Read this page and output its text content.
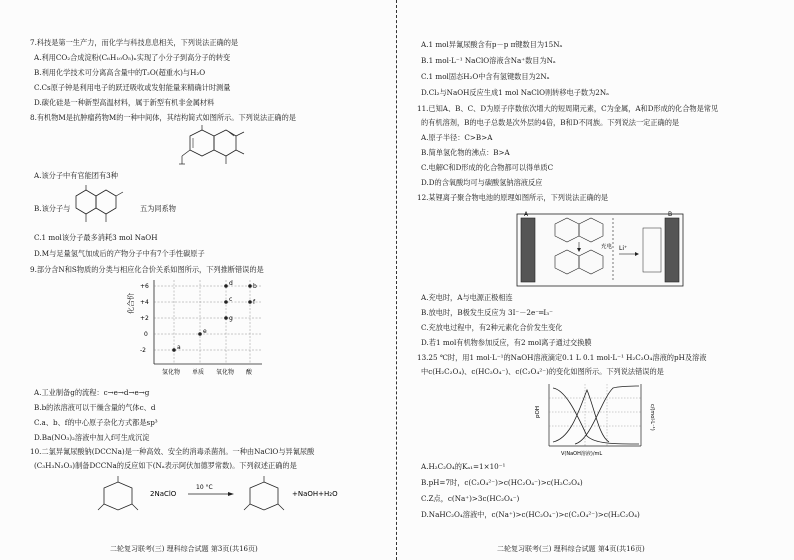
7.科技是第一生产力，而化学与科技息息相关，下列说法正确的是
A.利用CO₂合成淀粉(C₆H₁₀O₅)ₙ实现了小分子到高分子的转变
B.利用化学技术可分离高含量中的T₂O(超重水)与H₂O
C.Cs原子钟是利用电子的跃迁吸收或发射能量来精确计时测量
D.碳化硅是一种新型高温材料，属于新型有机非金属材料
8.有机物M是抗肿瘤药物M的一种中间体，其结构简式如图所示。下列说法正确的是
A.该分子中有官能团有3种
B.该分子与	五为同系物
C.1 mol该分子最多消耗3 mol NaOH
D.M与足量氢气加成后的产物分子中有7个手性碳原子
9.部分含N和S物质的分类与相应化合价关系如图所示，下列推断错误的是
化合价
+6
+4
+2
0
-2
氢化物 单质 氧化物 酸
a
b
c
d
e
f
g
A.工业制备g的流程：c→e→d→e→g
B.b的浓溶液可以干燥含量的气体c、d
C.a、b、f的中心原子杂化方式都是sp³
D.Ba(NO₃)₂溶液中加入f可生成沉淀
10.二氯异氰尿酸钠(DCCNa)是一种高效、安全的消毒杀菌剂。一种由NaClO与异氰尿酸
(C₃H₃N₃O₃)制备DCCNa的反应如下(Nₐ表示阿伏加德罗常数)。下列叙述正确的是
2NaClO
10 °C
+NaOH+H₂O
二轮复习联考(三) 理科综合试题 第3页(共16页)
A.1 mol异氰尿酸含有p－p π键数目为15Nₐ
B.1 mol·L⁻¹ NaClO溶液含Na⁺数目为Nₐ
C.1 mol固态H₂O中含有氢键数目为2Nₐ
D.Cl₂与NaOH反应生成1 mol NaClO则转移电子数为2Nₐ
11.已知A、B、C、D为原子序数依次增大的短周期元素，C为金属，A和D形成的化合物是常见
的有机溶剂，B的电子总数是次外层的4倍，B和D不同族。下列说法一定正确的是
A.原子半径：C>B>A
B.简单氢化物的沸点：B>A
C.电解C和D形成的化合物都可以得单质C
D.D的含氧酸均可与碳酸氢钠溶液反应
12.某锂离子聚合物电池的原理如图所示，下列说法正确的是
A	B
充电 Li⁺
A.充电时，A与电源正极相连
B.放电时，B极发生反应为 3I⁻－2e⁻═I₃⁻
C.充放电过程中，有2种元素化合价发生变化
D.若1 mol有机物参加反应，有2 mol离子通过交换膜
13.25 ℃时，用1 mol·L⁻¹的NaOH溶液滴定0.1 L 0.1 mol·L⁻¹ H₂C₂O₄溶液的pH及溶液
中c(H₂C₂O₄)、c(HC₂O₄⁻)、c(C₂O₄²⁻)的变化如图所示。下列说法错误的是
pOH	c/(mol·L⁻¹)
V(NaOH溶液)/mL
A.H₂C₂O₄的Kₐ₁=1×10⁻¹
B.pH=7时，c(C₂O₄²⁻)>c(HC₂O₄⁻)>c(H₂C₂O₄)
C.Z点，c(Na⁺)>3c(HC₂O₄⁻)
D.NaHC₂O₄溶液中，c(Na⁺)>c(HC₂O₄⁻)>c(C₂O₄²⁻)>c(H₂C₂O₄)
二轮复习联考(三) 理科综合试题 第4页(共16页)
